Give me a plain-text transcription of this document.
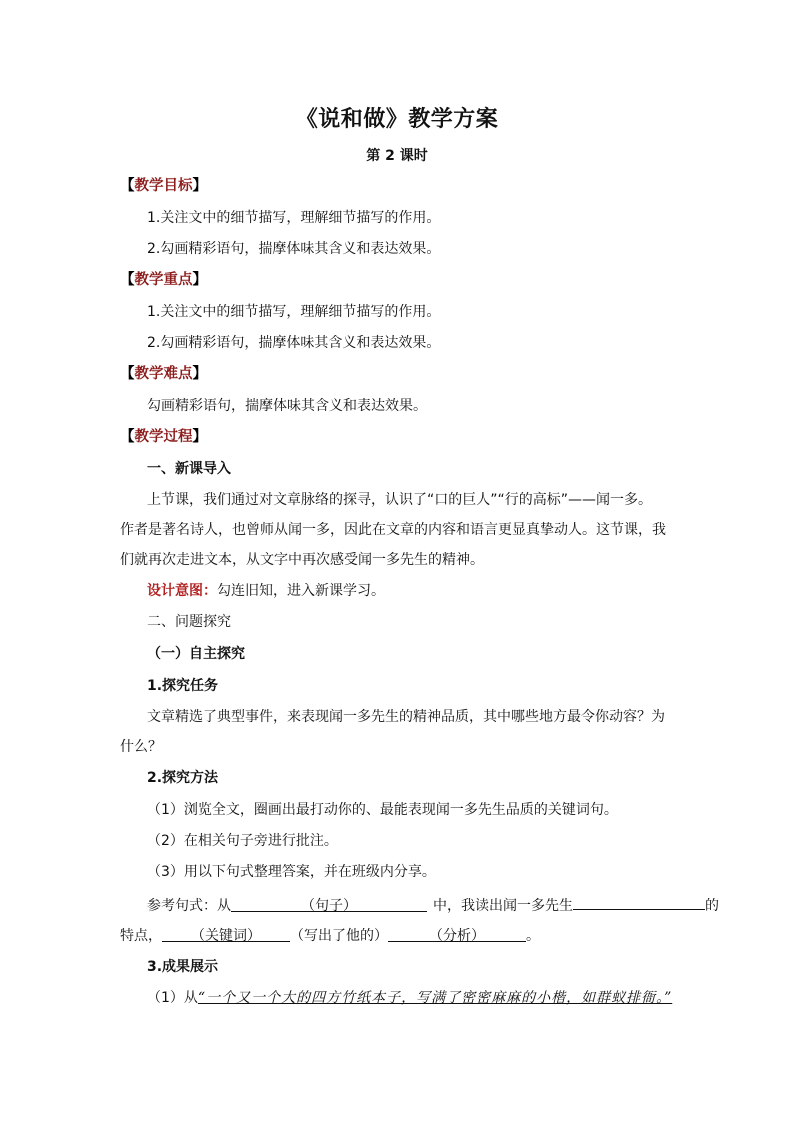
《说和做》教学方案
第 2 课时
【教学目标】
1.关注文中的细节描写，理解细节描写的作用。
2.勾画精彩语句，揣摩体味其含义和表达效果。
【教学重点】
1.关注文中的细节描写，理解细节描写的作用。
2.勾画精彩语句，揣摩体味其含义和表达效果。
【教学难点】
勾画精彩语句，揣摩体味其含义和表达效果。
【教学过程】
一、新课导入
上节课，我们通过对文章脉络的探寻，认识了“口的巨人”“行的高标”——闻一多。
作者是著名诗人，也曾师从闻一多，因此在文章的内容和语言更显真挚动人。这节课，我
们就再次走进文本，从文字中再次感受闻一多先生的精神。
设计意图：勾连旧知，进入新课学习。
二、问题探究
（一）自主探究
1.探究任务
文章精选了典型事件，来表现闻一多先生的精神品质，其中哪些地方最令你动容？为
什么？
2.探究方法
（1）浏览全文，圈画出最打动你的、最能表现闻一多先生品质的关键词句。
（2）在相关句子旁进行批注。
（3）用以下句式整理答案，并在班级内分享。
参考句式：从	（句子）	中，我读出闻一多先生	的
特点， （关键词） （写出了他的）	（分析）	。
3.成果展示
（1）从“一个又一个大的四方竹纸本子，写满了密密麻麻的小楷，如群蚁排衙。”
